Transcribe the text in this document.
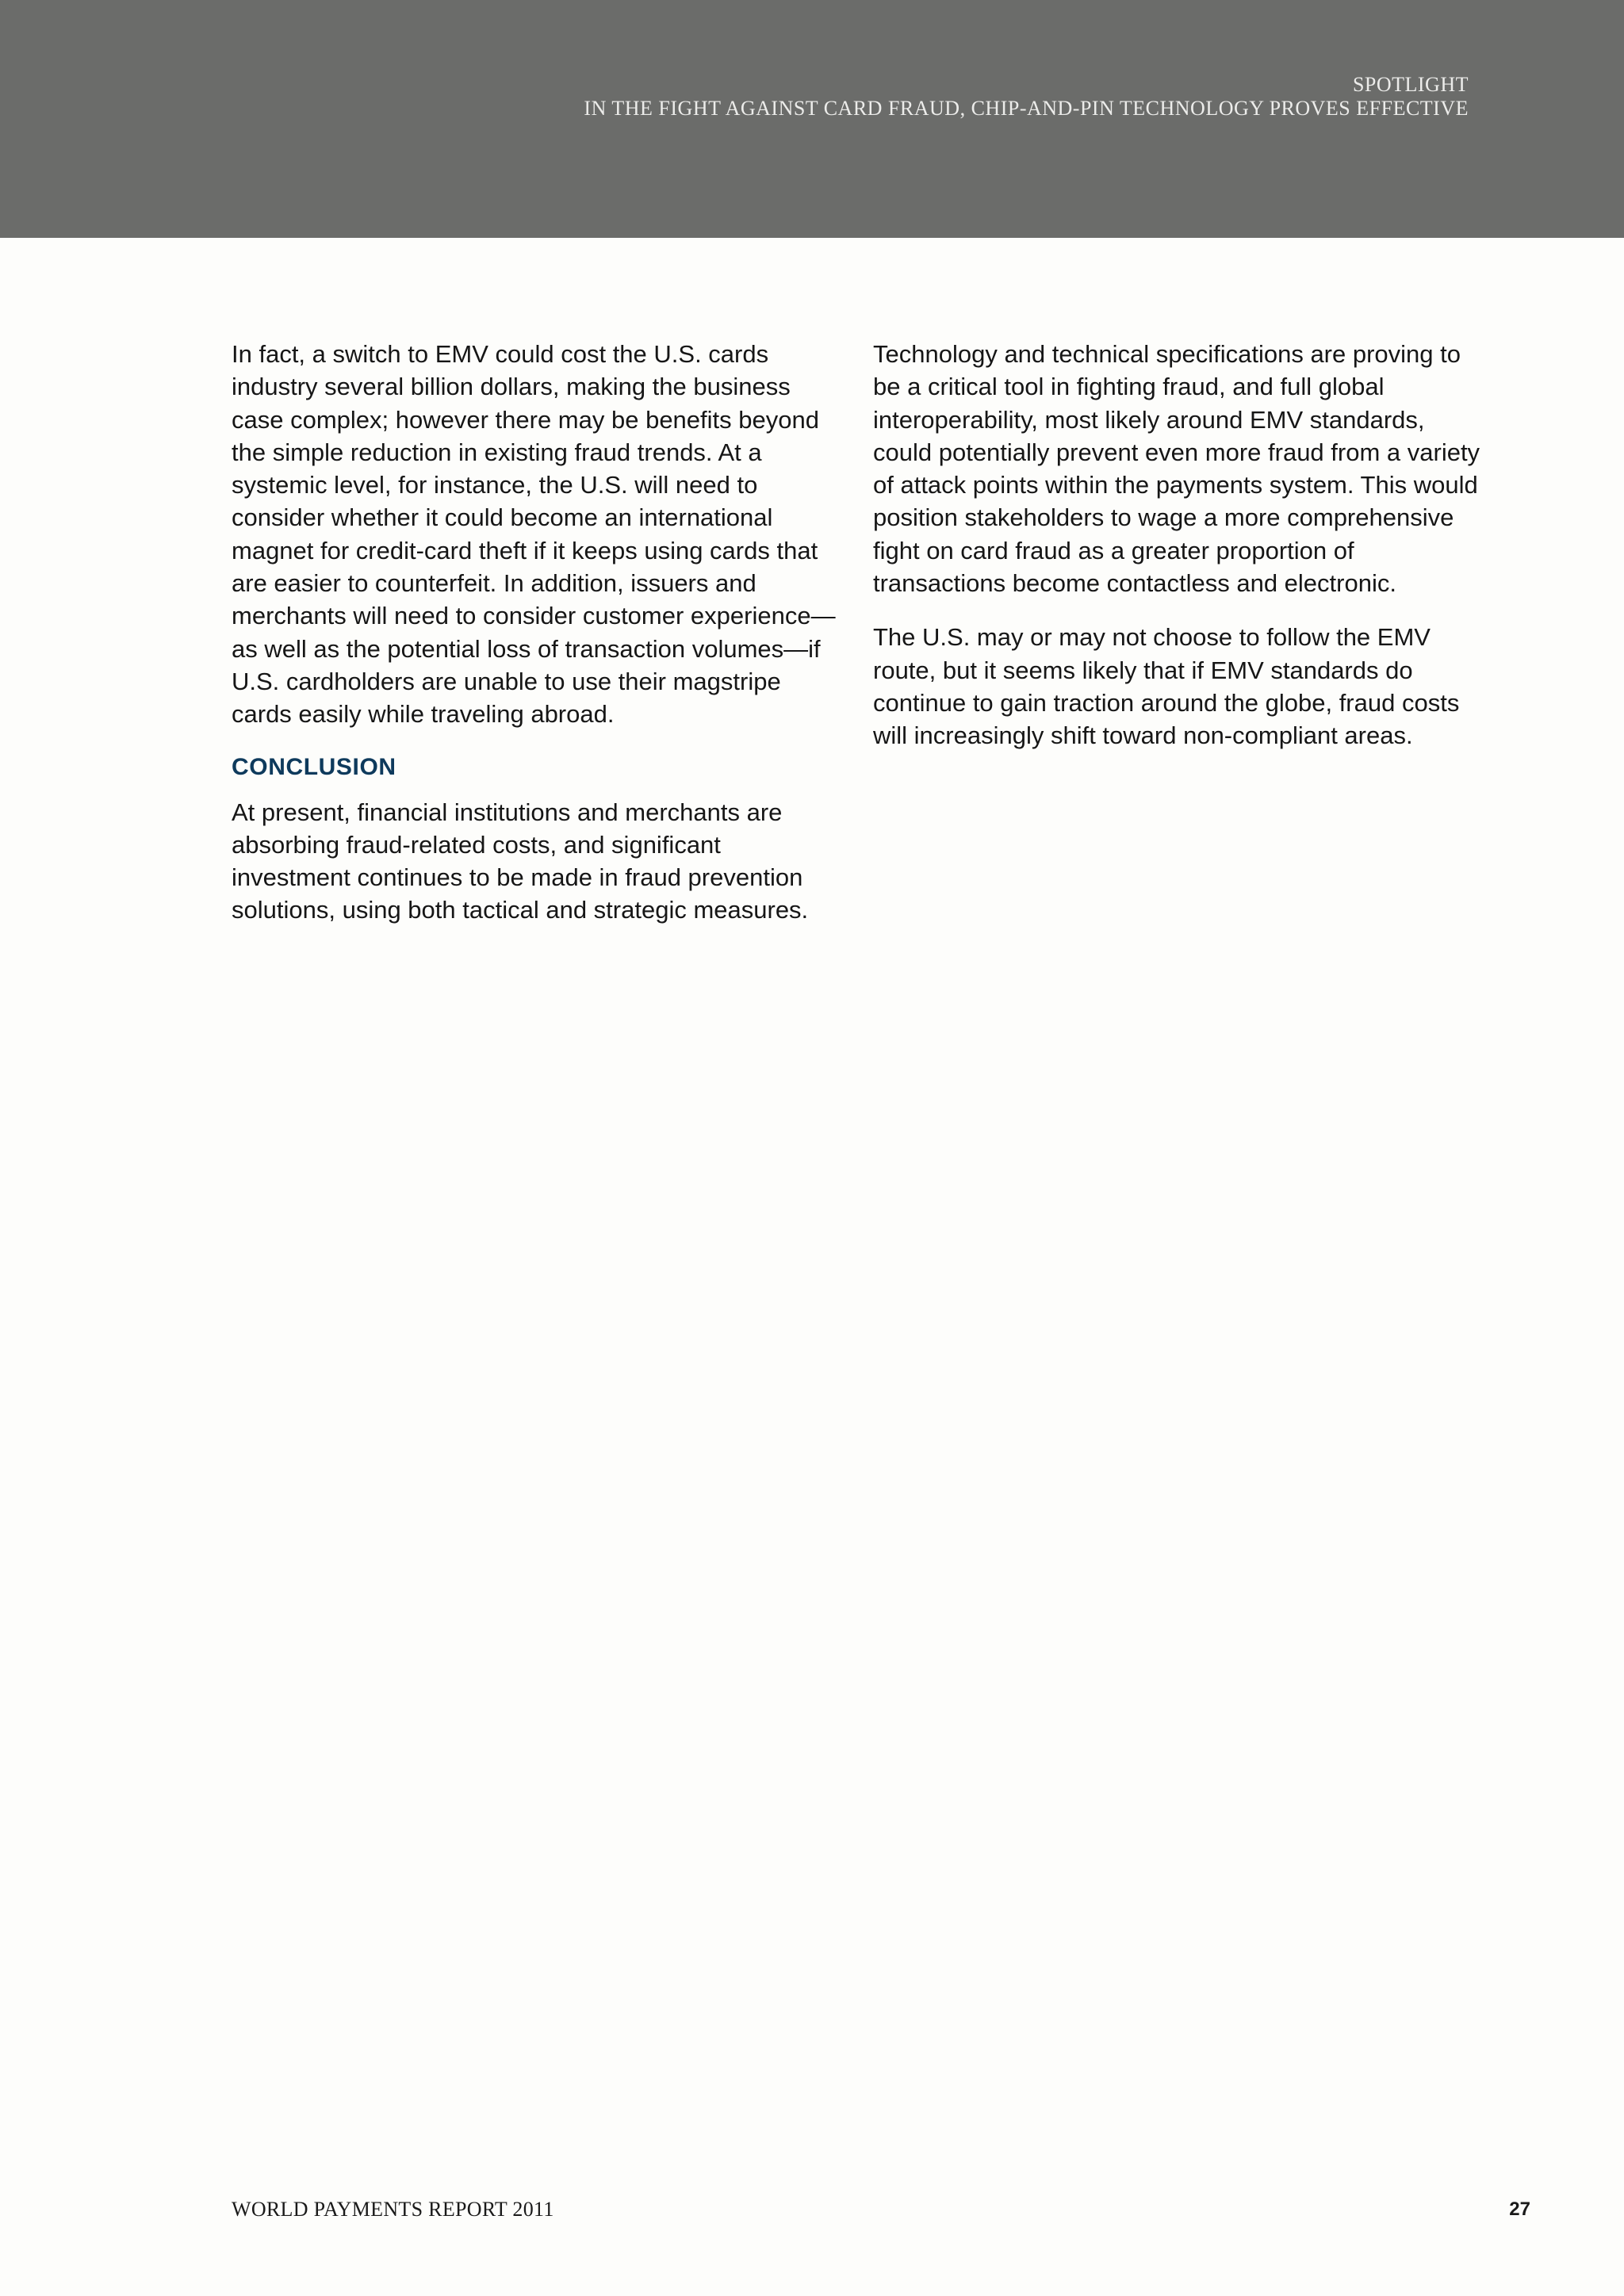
SPOTLIGHT
IN THE FIGHT AGAINST CARD FRAUD, CHIP-AND-PIN TECHNOLOGY PROVES EFFECTIVE

In fact, a switch to EMV could cost the U.S. cards industry several billion dollars, making the business case complex; however there may be benefits beyond the simple reduction in existing fraud trends. At a systemic level, for instance, the U.S. will need to consider whether it could become an international magnet for credit-card theft if it keeps using cards that are easier to counterfeit. In addition, issuers and merchants will need to consider customer experience—as well as the potential loss of transaction volumes—if U.S. cardholders are unable to use their magstripe cards easily while traveling abroad.

CONCLUSION

At present, financial institutions and merchants are absorbing fraud-related costs, and significant investment continues to be made in fraud prevention solutions, using both tactical and strategic measures.

Technology and technical specifications are proving to be a critical tool in fighting fraud, and full global interoperability, most likely around EMV standards, could potentially prevent even more fraud from a variety of attack points within the payments system. This would position stakeholders to wage a more comprehensive fight on card fraud as a greater proportion of transactions become contactless and electronic.

The U.S. may or may not choose to follow the EMV route, but it seems likely that if EMV standards do continue to gain traction around the globe, fraud costs will increasingly shift toward non-compliant areas.

WORLD PAYMENTS REPORT 2011	27
